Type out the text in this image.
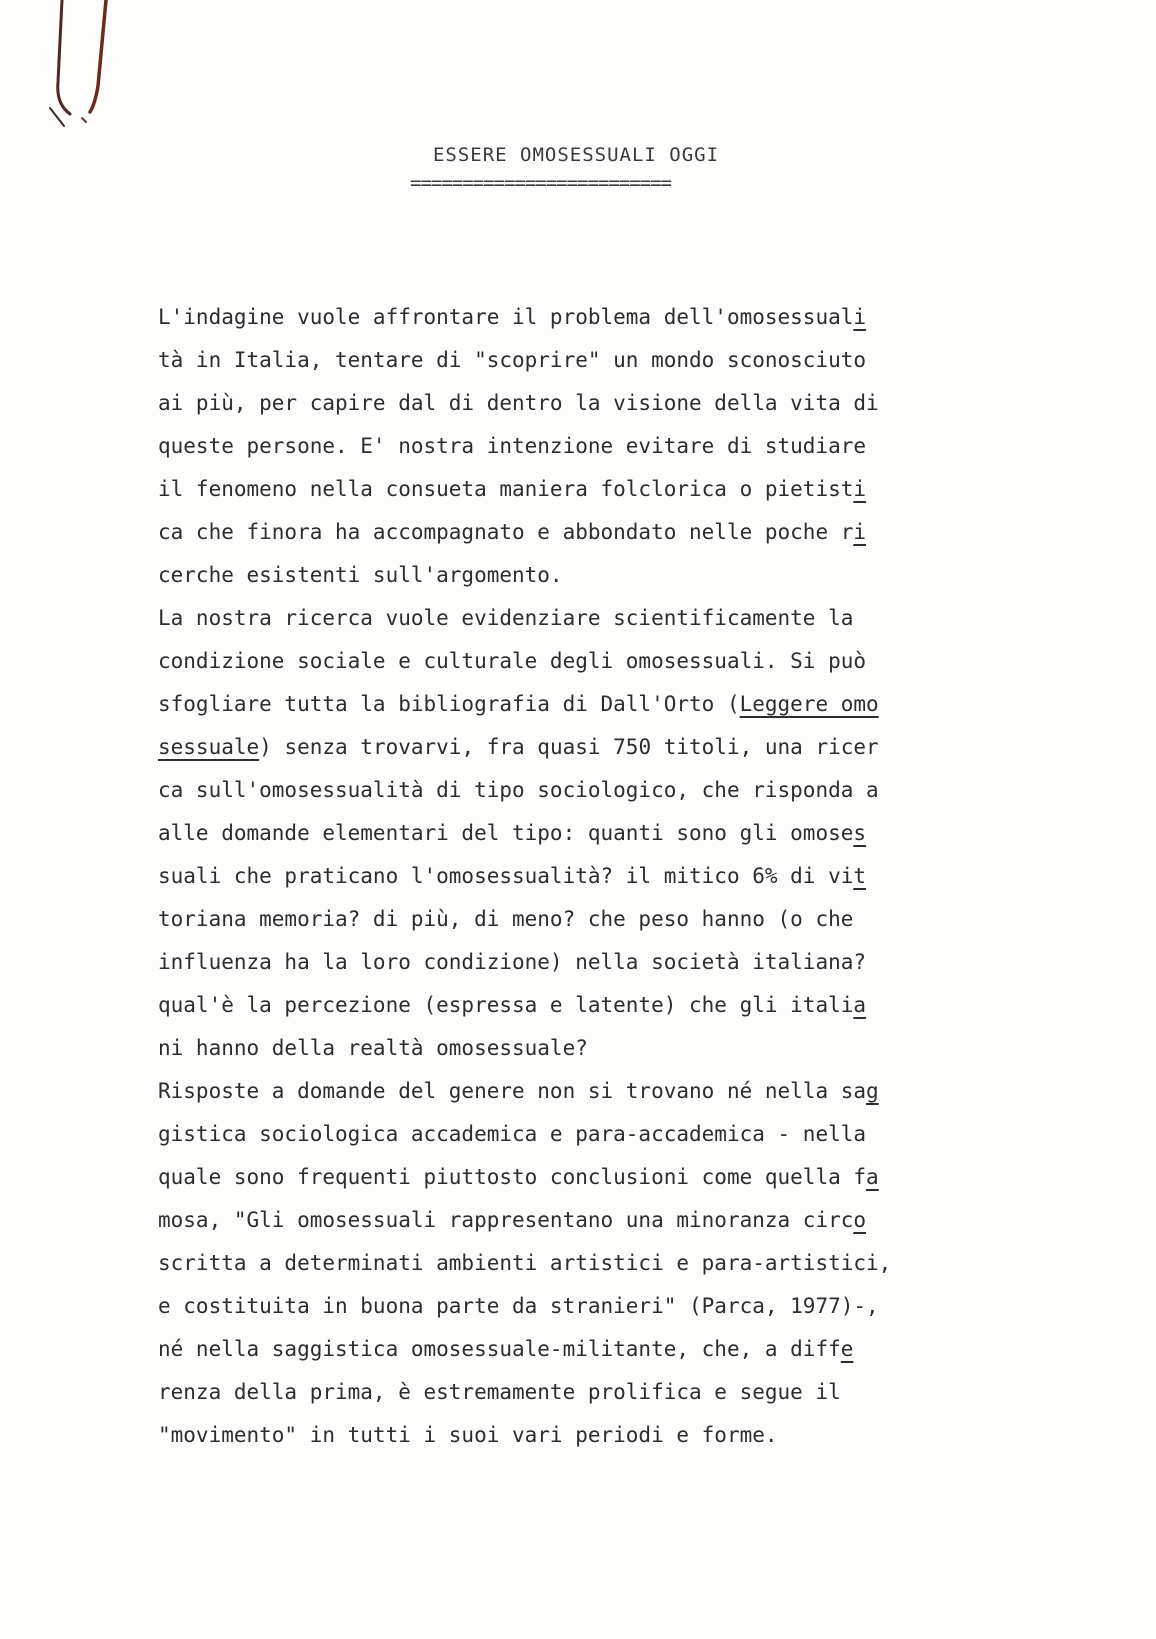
ESSERE OMOSESSUALI OGGI
=========================
L'indagine vuole affrontare il problema dell'omosessuali
tà in Italia, tentare di "scoprire" un mondo sconosciuto
ai più, per capire dal di dentro la visione della vita di
queste persone. E' nostra intenzione evitare di studiare
il fenomeno nella consueta maniera folclorica o pietisti
ca che finora ha accompagnato e abbondato nelle poche ri
cerche esistenti sull'argomento.
La nostra ricerca vuole evidenziare scientificamente la
condizione sociale e culturale degli omosessuali. Si può
sfogliare tutta la bibliografia di Dall'Orto (Leggere omo
sessuale) senza trovarvi, fra quasi 750 titoli, una ricer
ca sull'omosessualità di tipo sociologico, che risponda a
alle domande elementari del tipo: quanti sono gli omoses
suali che praticano l'omosessualità? il mitico 6% di vit
toriana memoria? di più, di meno? che peso hanno (o che
influenza ha la loro condizione) nella società italiana?
qual'è la percezione (espressa e latente) che gli italia
ni hanno della realtà omosessuale?
Risposte a domande del genere non si trovano né nella sag
gistica sociologica accademica e para-accademica - nella
quale sono frequenti piuttosto conclusioni come quella fa
mosa, "Gli omosessuali rappresentano una minoranza circo
scritta a determinati ambienti artistici e para-artistici,
e costituita in buona parte da stranieri" (Parca, 1977)-,
né nella saggistica omosessuale-militante, che, a diffe
renza della prima, è estremamente prolifica e segue il
"movimento" in tutti i suoi vari periodi e forme.
